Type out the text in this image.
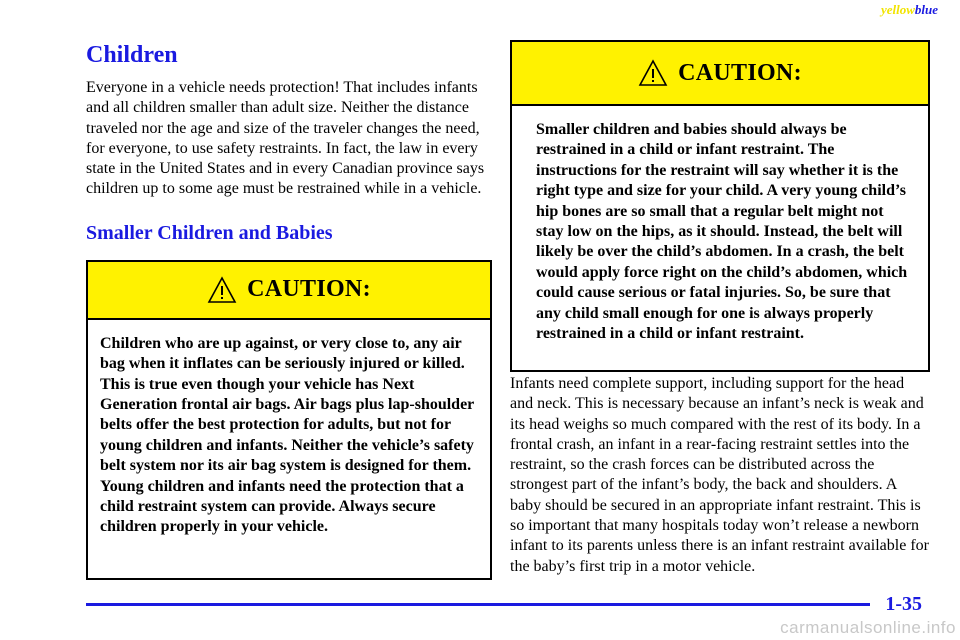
yellowblue
Children

Everyone in a vehicle needs protection! That includes infants and all children smaller than adult size. Neither the distance traveled nor the age and size of the traveler changes the need, for everyone, to use safety restraints. In fact, the law in every state in the United States and in every Canadian province says children up to some age must be restrained while in a vehicle.

Smaller Children and Babies
CAUTION:
Children who are up against, or very close to, any air bag when it inflates can be seriously injured or killed. This is true even though your vehicle has Next Generation frontal air bags. Air bags plus lap-shoulder belts offer the best protection for adults, but not for young children and infants. Neither the vehicle’s safety belt system nor its air bag system is designed for them. Young children and infants need the protection that a child restraint system can provide. Always secure children properly in your vehicle.
CAUTION:
Smaller children and babies should always be restrained in a child or infant restraint. The instructions for the restraint will say whether it is the right type and size for your child. A very young child’s hip bones are so small that a regular belt might not stay low on the hips, as it should. Instead, the belt will likely be over the child’s abdomen. In a crash, the belt would apply force right on the child’s abdomen, which could cause serious or fatal injuries. So, be sure that any child small enough for one is always properly restrained in a child or infant restraint.

Infants need complete support, including support for the head and neck. This is necessary because an infant’s neck is weak and its head weighs so much compared with the rest of its body. In a frontal crash, an infant in a rear-facing restraint settles into the restraint, so the crash forces can be distributed across the strongest part of the infant’s body, the back and shoulders. A baby should be secured in an appropriate infant restraint. This is so important that many hospitals today won’t release a newborn infant to its parents unless there is an infant restraint available for the baby’s first trip in a motor vehicle.

1-35
carmanualsonline.info
